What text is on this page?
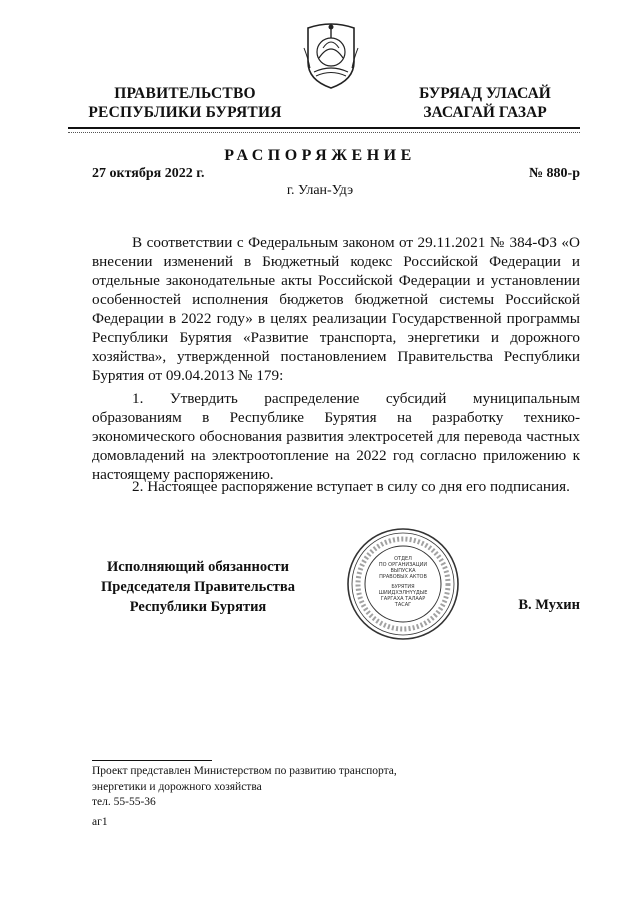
ПРАВИТЕЛЬСТВО
РЕСПУБЛИКИ БУРЯТИЯ
БУРЯАД УЛАСАЙ
ЗАСАГАЙ ГАЗАР
РАСПОРЯЖЕНИЕ
27 октября 2022 г.	№ 880-р
г. Улан-Удэ
В соответствии с Федеральным законом от 29.11.2021 № 384-ФЗ «О внесении изменений в Бюджетный кодекс Российской Федерации и отдельные законодательные акты Российской Федерации и установлении особенностей исполнения бюджетов бюджетной системы Российской Федерации в 2022 году» в целях реализации Государственной программы Республики Бурятия «Развитие транспорта, энергетики и дорожного хозяйства», утвержденной постановлением Правительства Республики Бурятия от 09.04.2013 № 179:
1. Утвердить распределение субсидий муниципальным образованиям в Республике Бурятия на разработку технико-экономического обоснования развития электросетей для перевода частных домовладений на электроотопление на 2022 год согласно приложению к настоящему распоряжению.
2. Настоящее распоряжение вступает в силу со дня его подписания.
Исполняющий обязанности
Председателя Правительства
Республики Бурятия
ОТДЕЛ
ПО ОРГАНИЗАЦИИ
ВЫПУСКА
ПРАВОВЫХ АКТОВ
БУРЯТИЯ
ШИИДХЭЛНҮҮДЫЕ
ГАРГАХА ТАЛААР
ТАСАГ	В. Мухин
Проект представлен Министерством по развитию транспорта,
энергетики и дорожного хозяйства
тел. 55-55-36
аг1
